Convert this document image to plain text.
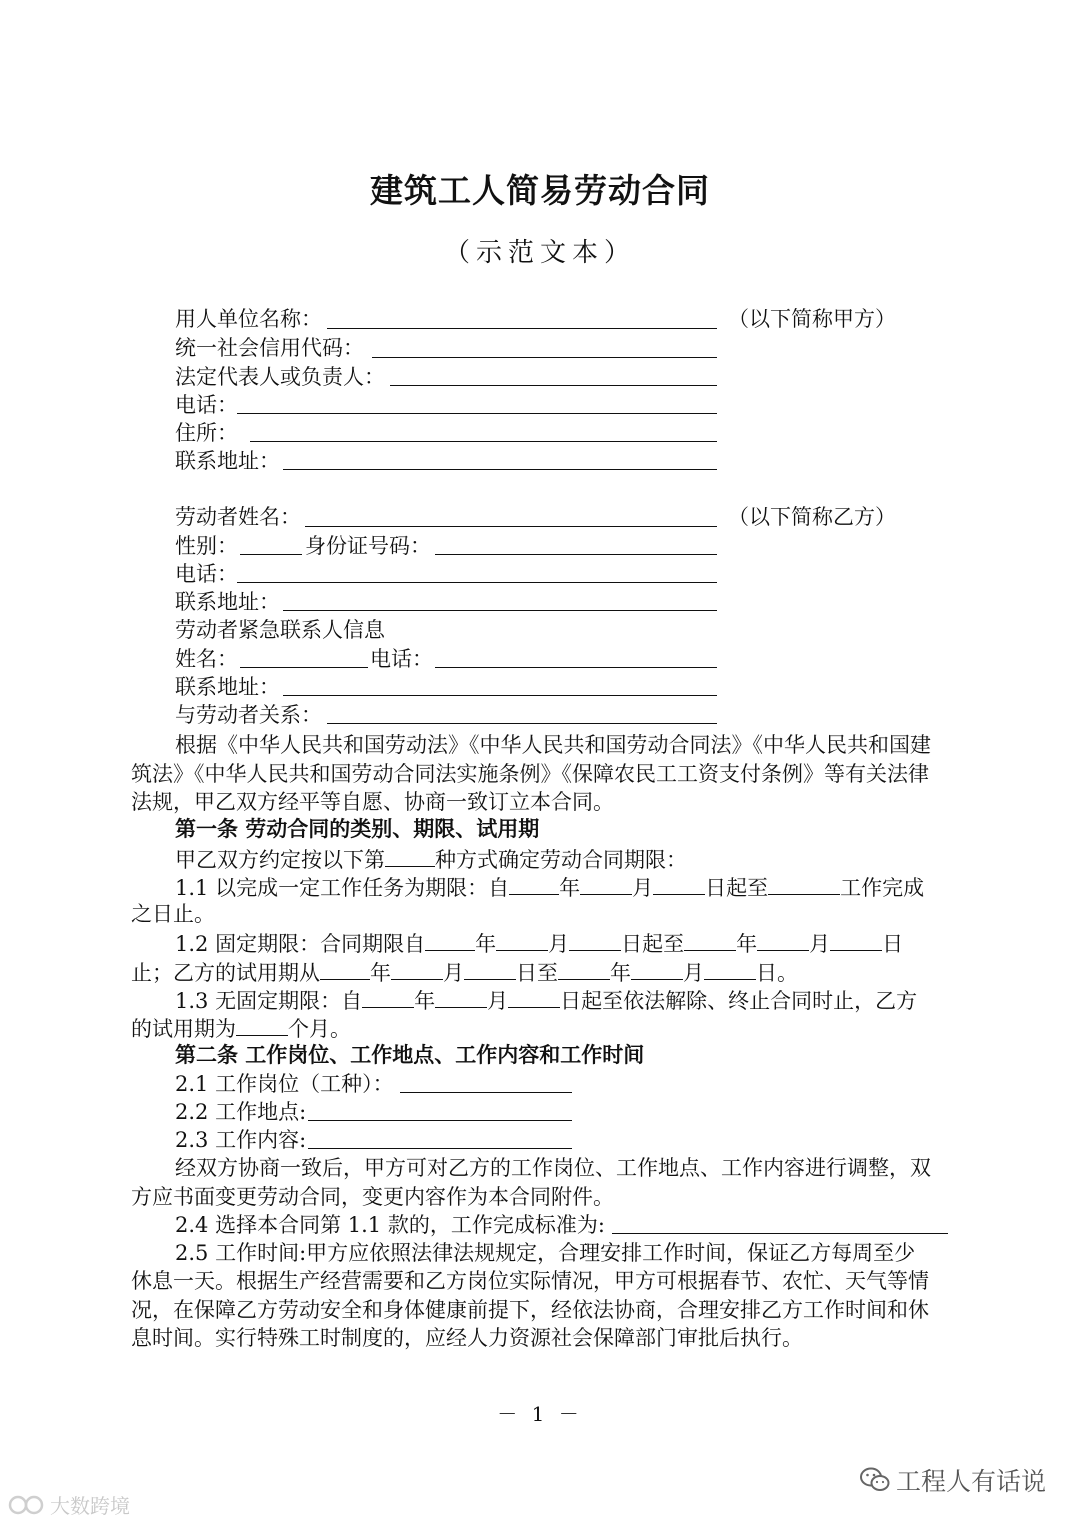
建筑工人简易劳动合同
（示范文本）
用人单位名称：	（以下简称甲方）
统一社会信用代码：
法定代表人或负责人：
电话：
住所：
联系地址：
劳动者姓名：	（以下简称乙方）
性别：	身份证号码：
电话：
联系地址：
劳动者紧急联系人信息
姓名：	电话：
联系地址：
与劳动者关系：
根据《中华人民共和国劳动法》《中华人民共和国劳动合同法》《中华人民共和国建
筑法》《中华人民共和国劳动合同法实施条例》《保障农民工工资支付条例》等有关法律
法规，甲乙双方经平等自愿、协商一致订立本合同。
第一条 劳动合同的类别、期限、试用期
甲乙双方约定按以下第 种方式确定劳动合同期限：
1.1 以完成一定工作任务为期限：自 年 月 日起至	工作完成
之日止。
1.2 固定期限：合同期限自 年 月 日起至 年 月 日
止；乙方的试用期从 年 月 日至 年 月 日。
1.3 无固定期限：自 年 月 日起至依法解除、终止合同时止，乙方
的试用期为 个月。
第二条 工作岗位、工作地点、工作内容和工作时间
2.1 工作岗位（工种）：
2.2 工作地点:
2.3 工作内容:
经双方协商一致后，甲方可对乙方的工作岗位、工作地点、工作内容进行调整，双
方应书面变更劳动合同，变更内容作为本合同附件。
2.4 选择本合同第 1.1 款的，工作完成标准为:
2.5 工作时间:甲方应依照法律法规规定，合理安排工作时间，保证乙方每周至少
休息一天。根据生产经营需要和乙方岗位实际情况，甲方可根据春节、农忙、天气等情
况，在保障乙方劳动安全和身体健康前提下，经依法协商，合理安排乙方工作时间和休
息时间。实行特殊工时制度的，应经人力资源社会保障部门审批后执行。
－ 1 －
工程人有话说
大数跨境
